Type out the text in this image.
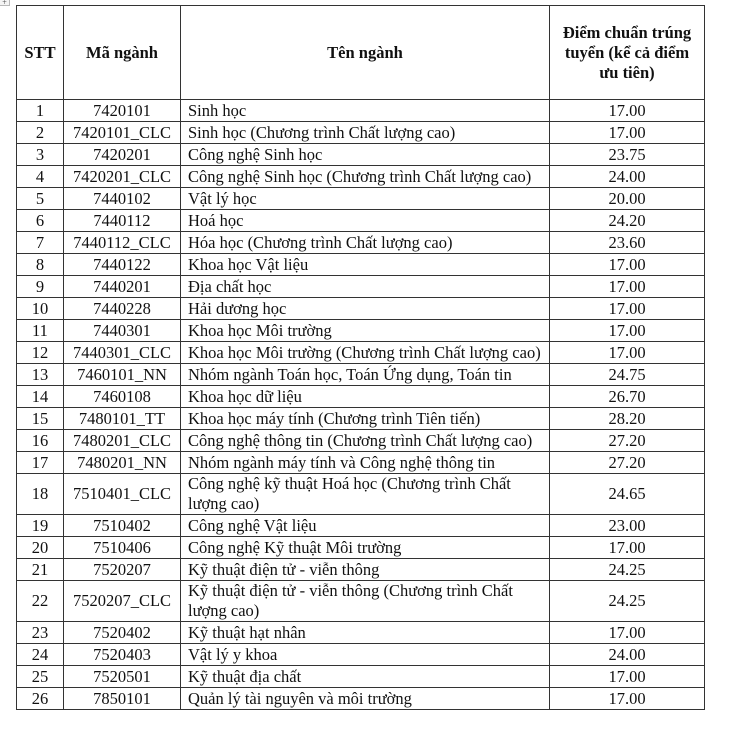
+
STT	Mã ngành	Tên ngành	Điểm chuẩn trúng tuyển (kể cả điểm ưu tiên)
1	7420101	Sinh học	17.00
2	7420101_CLC	Sinh học (Chương trình Chất lượng cao)	17.00
3	7420201	Công nghệ Sinh học	23.75
4	7420201_CLC	Công nghệ Sinh học (Chương trình Chất lượng cao)	24.00
5	7440102	Vật lý học	20.00
6	7440112	Hoá học	24.20
7	7440112_CLC	Hóa học (Chương trình Chất lượng cao)	23.60
8	7440122	Khoa học Vật liệu	17.00
9	7440201	Địa chất học	17.00
10	7440228	Hải dương học	17.00
11	7440301	Khoa học Môi trường	17.00
12	7440301_CLC	Khoa học Môi trường (Chương trình Chất lượng cao)	17.00
13	7460101_NN	Nhóm ngành Toán học, Toán Ứng dụng, Toán tin	24.75
14	7460108	Khoa học dữ liệu	26.70
15	7480101_TT	Khoa học máy tính (Chương trình Tiên tiến)	28.20
16	7480201_CLC	Công nghệ thông tin (Chương trình Chất lượng cao)	27.20
17	7480201_NN	Nhóm ngành máy tính và Công nghệ thông tin	27.20
18	7510401_CLC	Công nghệ kỹ thuật Hoá học (Chương trình Chất lượng cao)	24.65
19	7510402	Công nghệ Vật liệu	23.00
20	7510406	Công nghệ Kỹ thuật Môi trường	17.00
21	7520207	Kỹ thuật điện tử - viễn thông	24.25
22	7520207_CLC	Kỹ thuật điện tử - viễn thông (Chương trình Chất lượng cao)	24.25
23	7520402	Kỹ thuật hạt nhân	17.00
24	7520403	Vật lý y khoa	24.00
25	7520501	Kỹ thuật địa chất	17.00
26	7850101	Quản lý tài nguyên và môi trường	17.00
